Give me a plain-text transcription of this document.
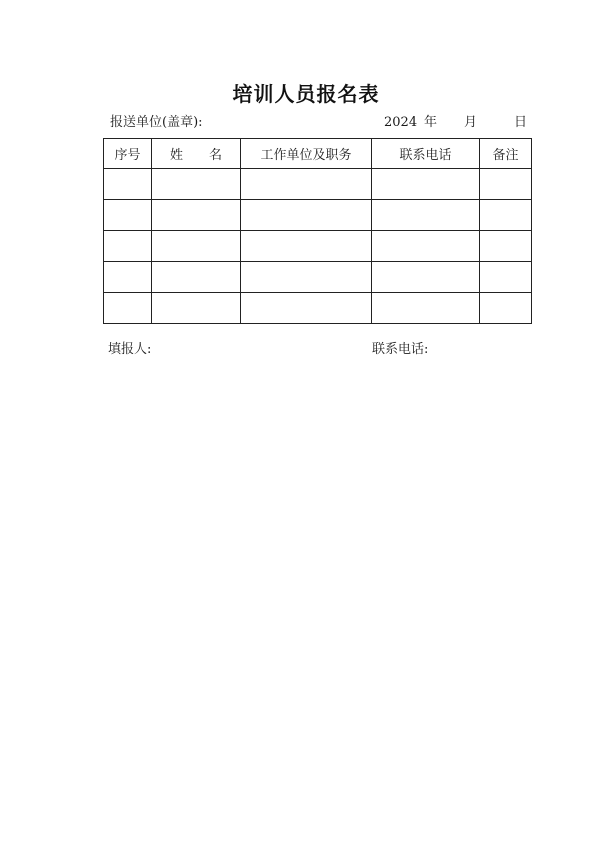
培训人员报名表
报送单位(盖章):	2024 年 月	日
序号	姓　　名	工作单位及职务	联系电话	备注

填报人:	联系电话:
